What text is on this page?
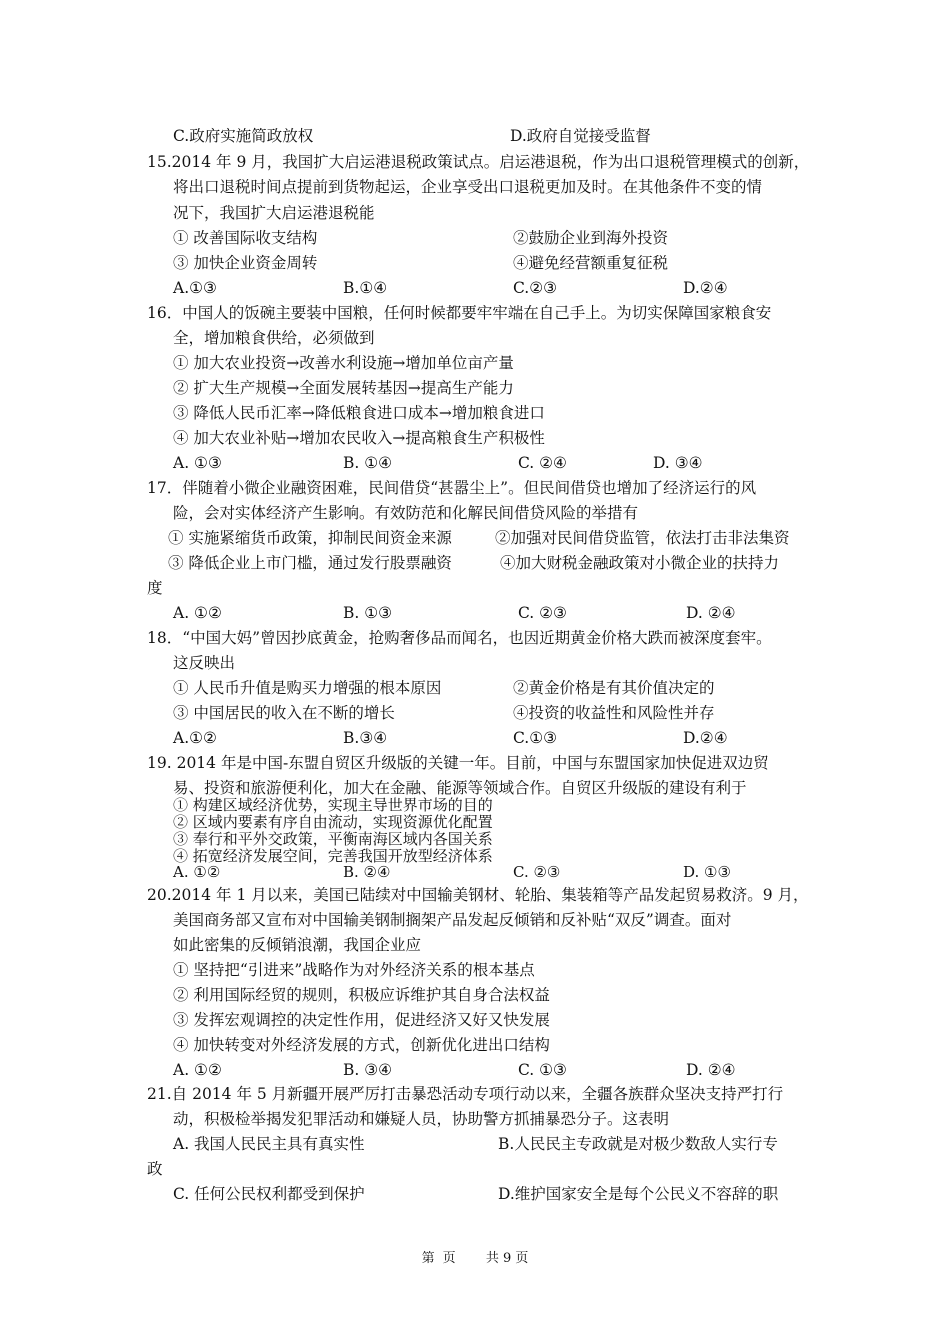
C.政府实施简政放权	D.政府自觉接受监督
15.2014 年 9 月，我国扩大启运港退税政策试点。启运港退税，作为出口退税管理模式的创新，
将出口退税时间点提前到货物起运，企业享受出口退税更加及时。在其他条件不变的情
况下，我国扩大启运港退税能
① 改善国际收支结构	②鼓励企业到海外投资
③ 加快企业资金周转	④避免经营额重复征税
A.①③	B.①④	C.②③	D.②④
16．中国人的饭碗主要装中国粮，任何时候都要牢牢端在自己手上。为切实保障国家粮食安
全，增加粮食供给，必须做到
① 加大农业投资→改善水利设施→增加单位亩产量
② 扩大生产规模→全面发展转基因→提高生产能力
③ 降低人民币汇率→降低粮食进口成本→增加粮食进口
④ 加大农业补贴→增加农民收入→提高粮食生产积极性
A. ①③	B. ①④	C. ②④	D. ③④
17．伴随着小微企业融资困难，民间借贷“甚嚣尘上”。但民间借贷也增加了经济运行的风
险，会对实体经济产生影响。有效防范和化解民间借贷风险的举措有
① 实施紧缩货币政策，抑制民间资金来源	②加强对民间借贷监管，依法打击非法集资
③ 降低企业上市门槛，通过发行股票融资	④加大财税金融政策对小微企业的扶持力
度
A. ①②	B. ①③	C. ②③	D. ②④
18．“中国大妈”曾因抄底黄金，抢购奢侈品而闻名，也因近期黄金价格大跌而被深度套牢。
这反映出
① 人民币升值是购买力增强的根本原因	②黄金价格是有其价值决定的
③ 中国居民的收入在不断的增长	④投资的收益性和风险性并存
A.①②	B.③④	C.①③	D.②④
19. 2014 年是中国-东盟自贸区升级版的关键一年。目前，中国与东盟国家加快促进双边贸
易、投资和旅游便利化，加大在金融、能源等领域合作。自贸区升级版的建设有利于
① 构建区域经济优势，实现主导世界市场的目的
② 区域内要素有序自由流动，实现资源优化配置
③ 奉行和平外交政策，平衡南海区域内各国关系
④ 拓宽经济发展空间，完善我国开放型经济体系
A. ①②	B. ②④	C. ②③	D. ①③
20.2014 年 1 月以来，美国已陆续对中国输美钢材、轮胎、集装箱等产品发起贸易救济。9 月，
美国商务部又宣布对中国输美钢制搁架产品发起反倾销和反补贴“双反”调查。面对
如此密集的反倾销浪潮，我国企业应
① 坚持把“引进来”战略作为对外经济关系的根本基点
② 利用国际经贸的规则，积极应诉维护其自身合法权益
③ 发挥宏观调控的决定性作用，促进经济又好又快发展
④ 加快转变对外经济发展的方式，创新优化进出口结构
A. ①②	B. ③④	C. ①③	D. ②④
21.自 2014 年 5 月新疆开展严厉打击暴恐活动专项行动以来，全疆各族群众坚决支持严打行
动，积极检举揭发犯罪活动和嫌疑人员，协助警方抓捕暴恐分子。这表明
A. 我国人民民主具有真实性	B.人民民主专政就是对极少数敌人实行专
政
C. 任何公民权利都受到保护	D.维护国家安全是每个公民义不容辞的职
第 页 共 9 页
